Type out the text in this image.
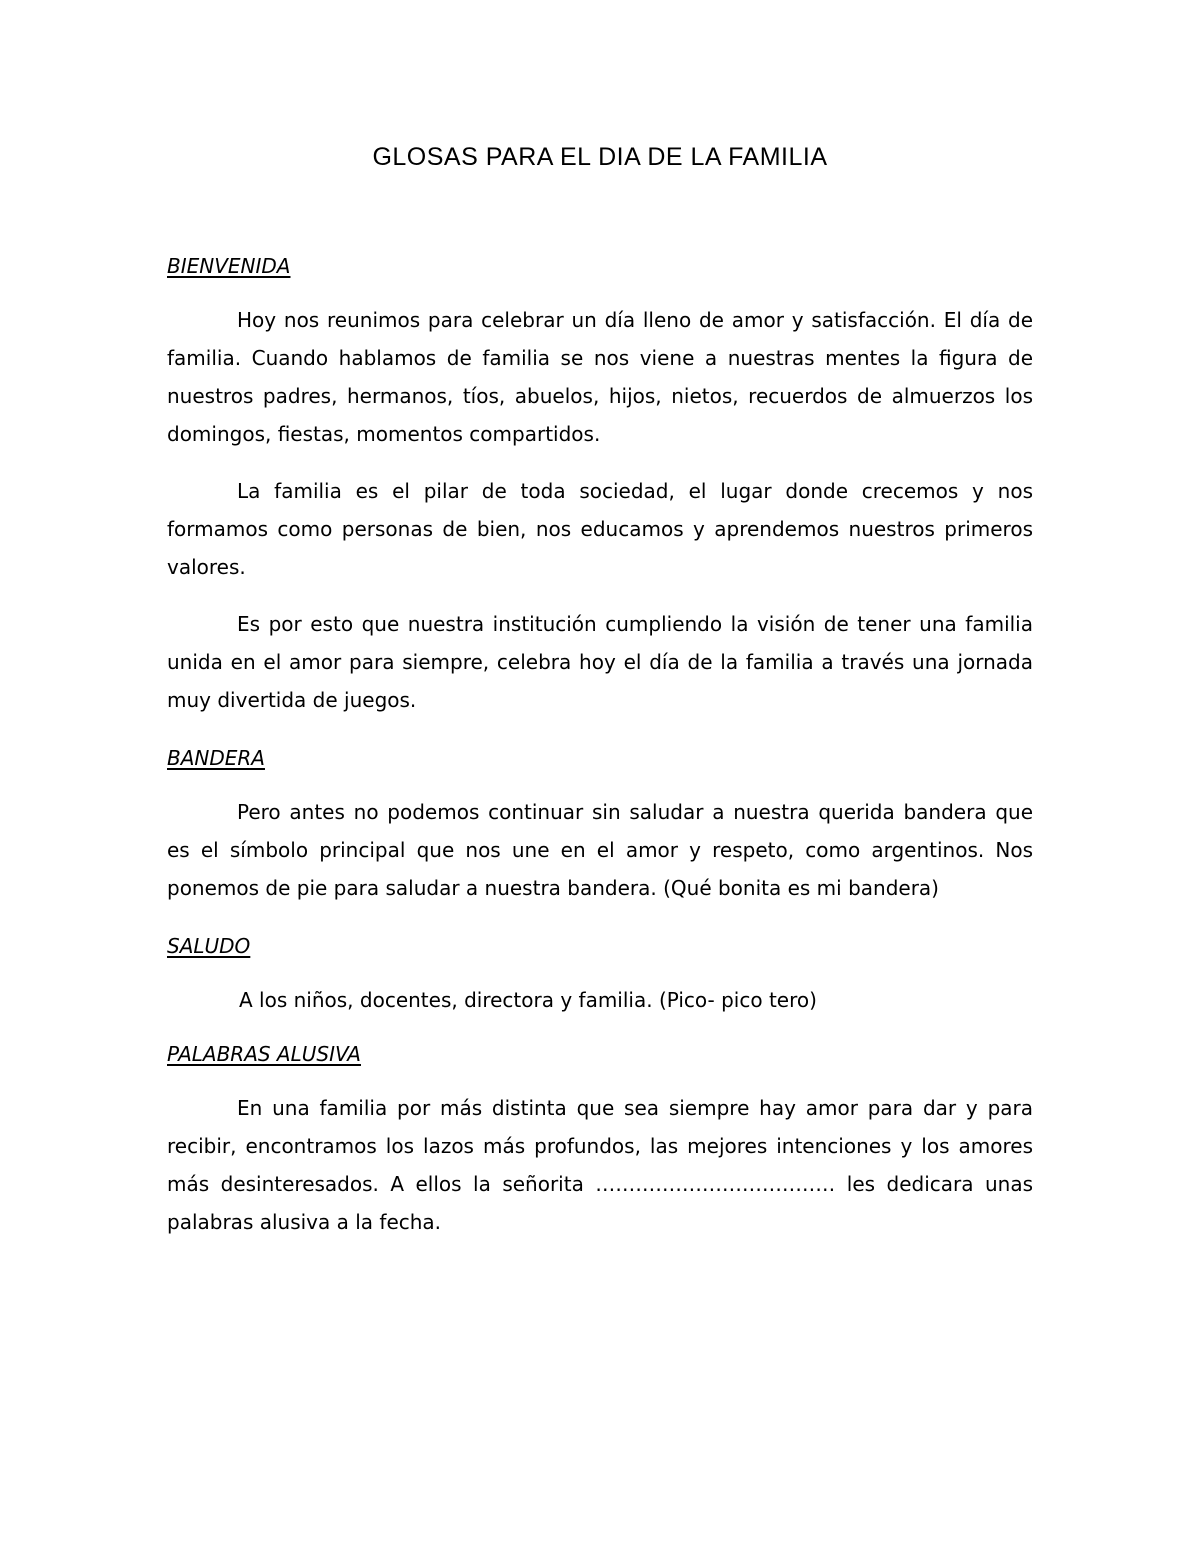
GLOSAS PARA EL DIA DE LA FAMILIA
BIENVENIDA

Hoy nos reunimos para celebrar un día lleno de amor y satisfacción. El día de familia. Cuando hablamos de familia se nos viene a nuestras mentes la figura de nuestros padres, hermanos, tíos, abuelos, hijos, nietos, recuerdos de almuerzos los domingos, fiestas, momentos compartidos.

La familia es el pilar de toda sociedad, el lugar donde crecemos y nos formamos como personas de bien, nos educamos y aprendemos nuestros primeros valores.

Es por esto que nuestra institución cumpliendo la visión de tener una familia unida en el amor para siempre, celebra hoy el día de la familia a través una jornada muy divertida de juegos.

BANDERA

Pero antes no podemos continuar sin saludar a nuestra querida bandera que es el símbolo principal que nos une en el amor y respeto, como argentinos. Nos ponemos de pie para saludar a nuestra bandera. (Qué bonita es mi bandera)

SALUDO

A los niños, docentes, directora y familia. (Pico- pico tero)

PALABRAS ALUSIVA

En una familia por más distinta que sea siempre hay amor para dar y para recibir, encontramos los lazos más profundos, las mejores intenciones y los amores más desinteresados. A ellos la señorita ……………………………… les dedicara unas palabras alusiva a la fecha.
